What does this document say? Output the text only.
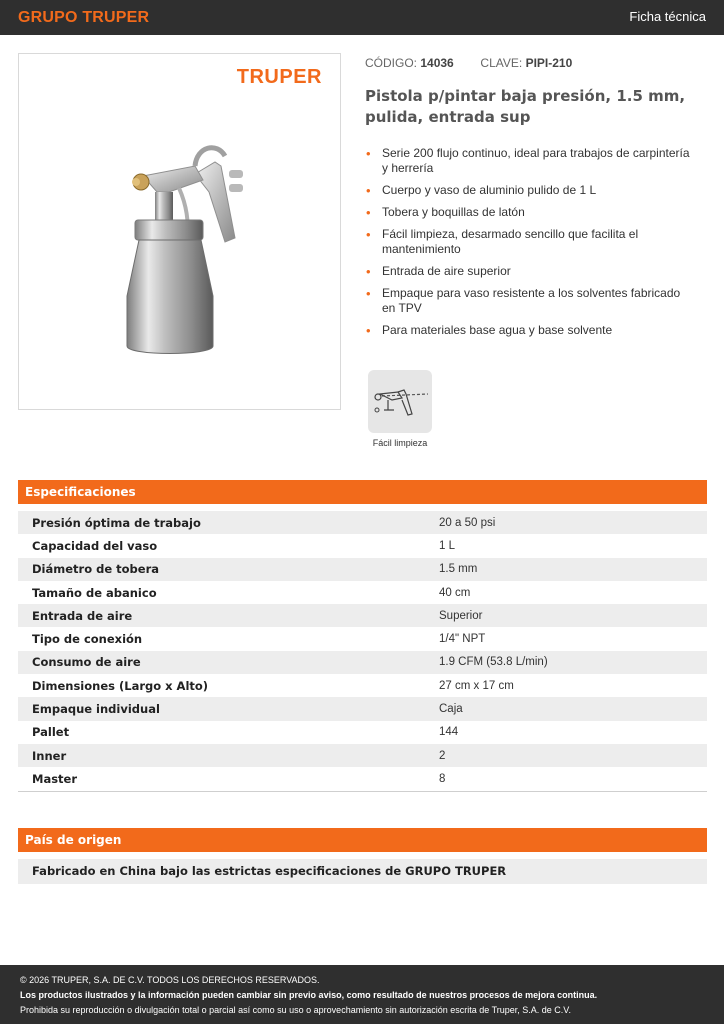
GRUPO TRUPER	Ficha técnica
TRUPER
CÓDIGO: 14036 CLAVE: PIPI-210
Pistola p/pintar baja presión, 1.5 mm, pulida, entrada sup
• Serie 200 flujo continuo, ideal para trabajos de carpintería y herrería
• Cuerpo y vaso de aluminio pulido de 1 L
• Tobera y boquillas de latón
• Fácil limpieza, desarmado sencillo que facilita el mantenimiento
• Entrada de aire superior
• Empaque para vaso resistente a los solventes fabricado en TPV
• Para materiales base agua y base solvente
Fácil limpieza
Especificaciones
Presión óptima de trabajo	20 a 50 psi
Capacidad del vaso	1 L
Diámetro de tobera	1.5 mm
Tamaño de abanico	40 cm
Entrada de aire	Superior
Tipo de conexión	1/4" NPT
Consumo de aire	1.9 CFM (53.8 L/min)
Dimensiones (Largo x Alto)	27 cm x 17 cm
Empaque individual	Caja
Pallet	144
Inner	2
Master	8
País de origen
Fabricado en China bajo las estrictas especificaciones de GRUPO TRUPER
© 2026 TRUPER, S.A. DE C.V. TODOS LOS DERECHOS RESERVADOS.
Los productos ilustrados y la información pueden cambiar sin previo aviso, como resultado de nuestros procesos de mejora continua.
Prohibida su reproducción o divulgación total o parcial así como su uso o aprovechamiento sin autorización escrita de Truper, S.A. de C.V.
